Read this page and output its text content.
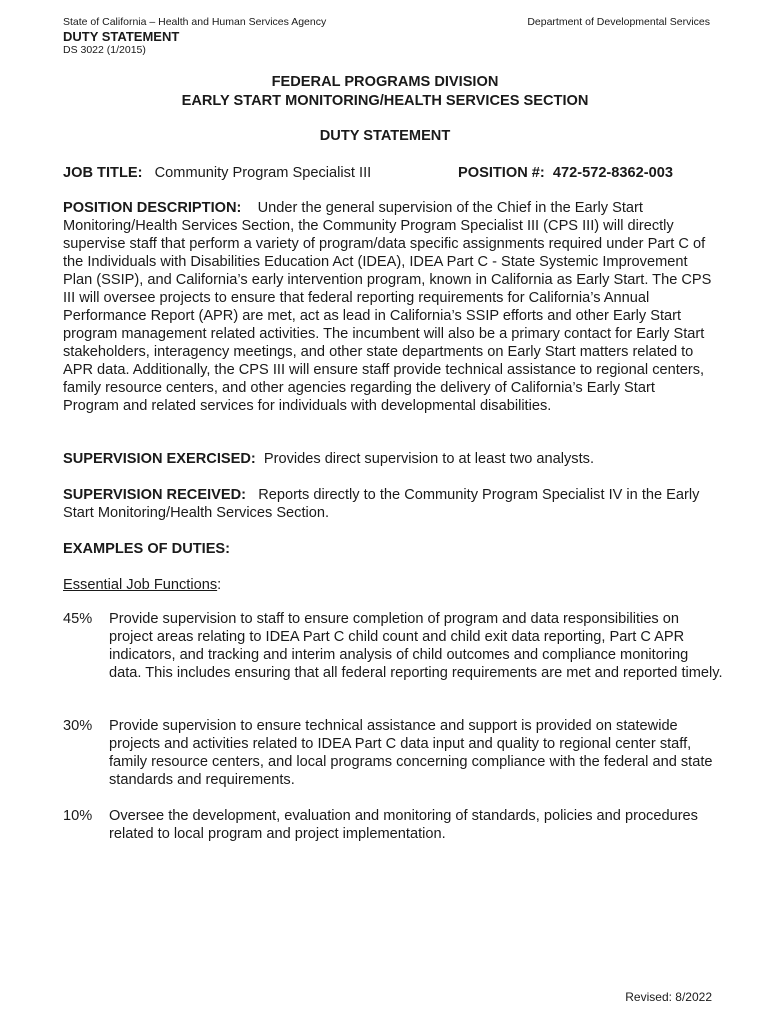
State of California – Health and Human Services Agency	Department of Developmental Services
DUTY STATEMENT
DS 3022 (1/2015)
FEDERAL PROGRAMS DIVISION
EARLY START MONITORING/HEALTH SERVICES SECTION
DUTY STATEMENT
JOB TITLE: Community Program Specialist III	POSITION #: 472-572-8362-003
POSITION DESCRIPTION: Under the general supervision of the Chief in the Early Start Monitoring/Health Services Section, the Community Program Specialist III (CPS III) will directly supervise staff that perform a variety of program/data specific assignments required under Part C of the Individuals with Disabilities Education Act (IDEA), IDEA Part C - State Systemic Improvement Plan (SSIP), and California’s early intervention program, known in California as Early Start. The CPS III will oversee projects to ensure that federal reporting requirements for California’s Annual Performance Report (APR) are met, act as lead in California’s SSIP efforts and other Early Start program management related activities. The incumbent will also be a primary contact for Early Start stakeholders, interagency meetings, and other state departments on Early Start matters related to APR data. Additionally, the CPS III will ensure staff provide technical assistance to regional centers, family resource centers, and other agencies regarding the delivery of California’s Early Start Program and related services for individuals with developmental disabilities.
SUPERVISION EXERCISED: Provides direct supervision to at least two analysts.
SUPERVISION RECEIVED: Reports directly to the Community Program Specialist IV in the Early Start Monitoring/Health Services Section.
EXAMPLES OF DUTIES:
Essential Job Functions:
45% Provide supervision to staff to ensure completion of program and data responsibilities on project areas relating to IDEA Part C child count and child exit data reporting, Part C APR indicators, and tracking and interim analysis of child outcomes and compliance monitoring data. This includes ensuring that all federal reporting requirements are met and reported timely.
30% Provide supervision to ensure technical assistance and support is provided on statewide projects and activities related to IDEA Part C data input and quality to regional center staff, family resource centers, and local programs concerning compliance with the federal and state standards and requirements.
10% Oversee the development, evaluation and monitoring of standards, policies and procedures related to local program and project implementation.
Revised: 8/2022
